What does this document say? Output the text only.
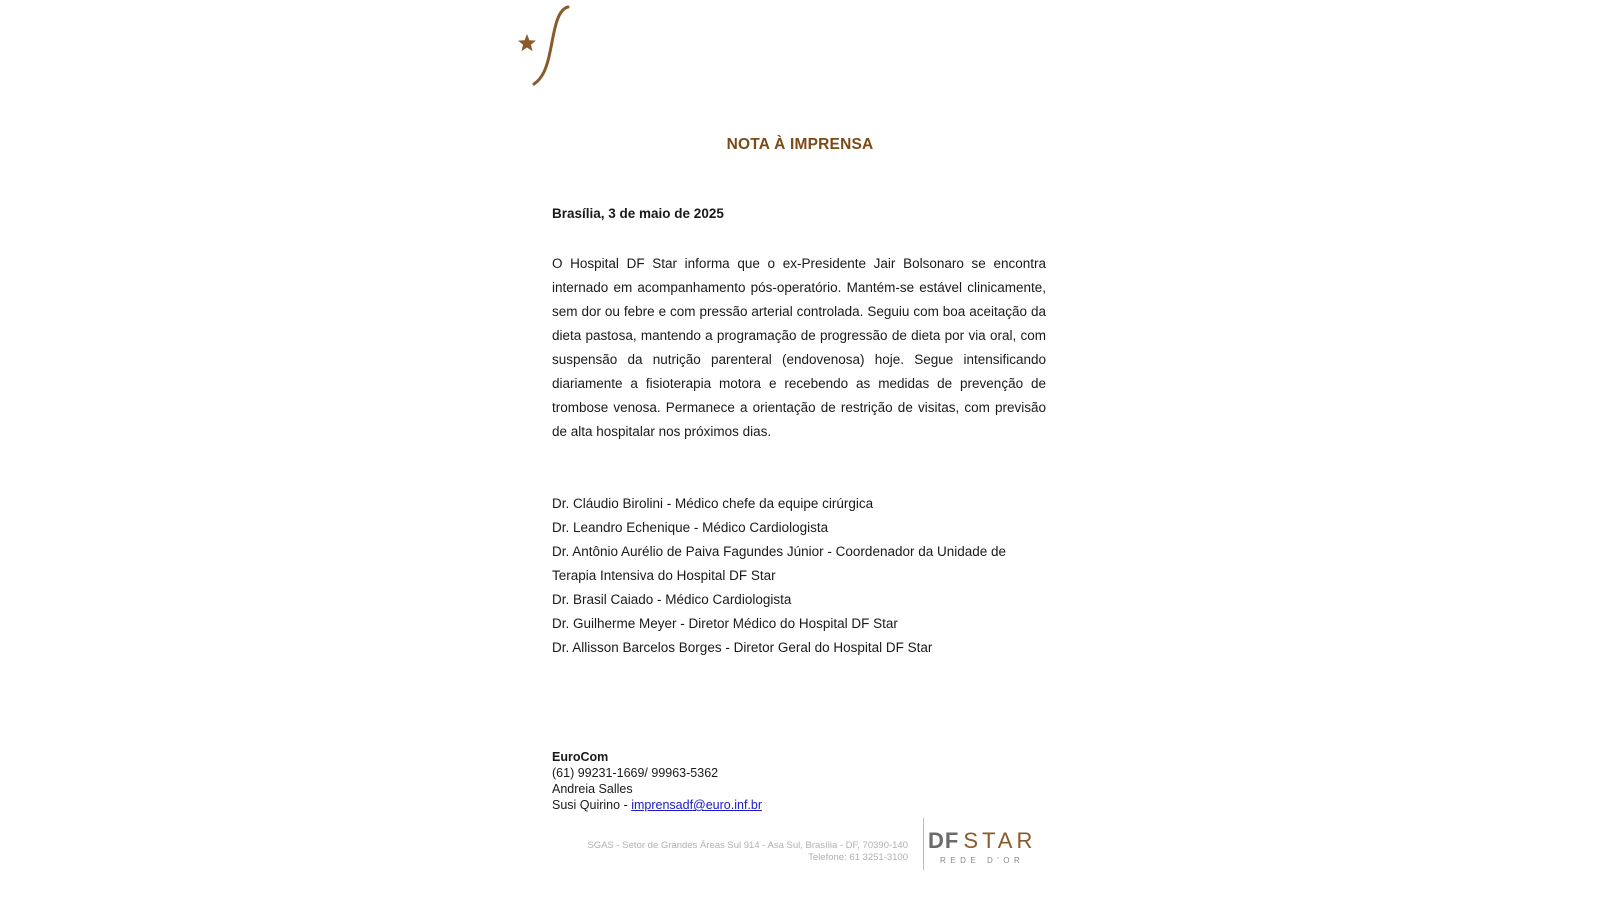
NOTA À IMPRENSA
Brasília, 3 de maio de 2025

O Hospital DF Star informa que o ex-Presidente Jair Bolsonaro se encontra internado em acompanhamento pós-operatório. Mantém-se estável clinicamente, sem dor ou febre e com pressão arterial controlada. Seguiu com boa aceitação da dieta pastosa, mantendo a programação de progressão de dieta por via oral, com suspensão da nutrição parenteral (endovenosa) hoje. Segue intensificando diariamente a fisioterapia motora e recebendo as medidas de prevenção de trombose venosa. Permanece a orientação de restrição de visitas, com previsão de alta hospitalar nos próximos dias.

Dr. Cláudio Birolini - Médico chefe da equipe cirúrgica
Dr. Leandro Echenique - Médico Cardiologista
Dr. Antônio Aurélio de Paiva Fagundes Júnior - Coordenador da Unidade de Terapia Intensiva do Hospital DF Star
Dr. Brasil Caiado - Médico Cardiologista
Dr. Guilherme Meyer - Diretor Médico do Hospital DF Star
Dr. Allisson Barcelos Borges - Diretor Geral do Hospital DF Star
EuroCom
(61) 99231-1669/ 99963-5362
Andreia Salles
Susi Quirino - imprensadf@euro.inf.br
SGAS - Setor de Grandes Áreas Sul 914 - Asa Sul, Brasília - DF, 70390-140
Telefone: 61 3251-3100
DF STAR
REDE D'OR
